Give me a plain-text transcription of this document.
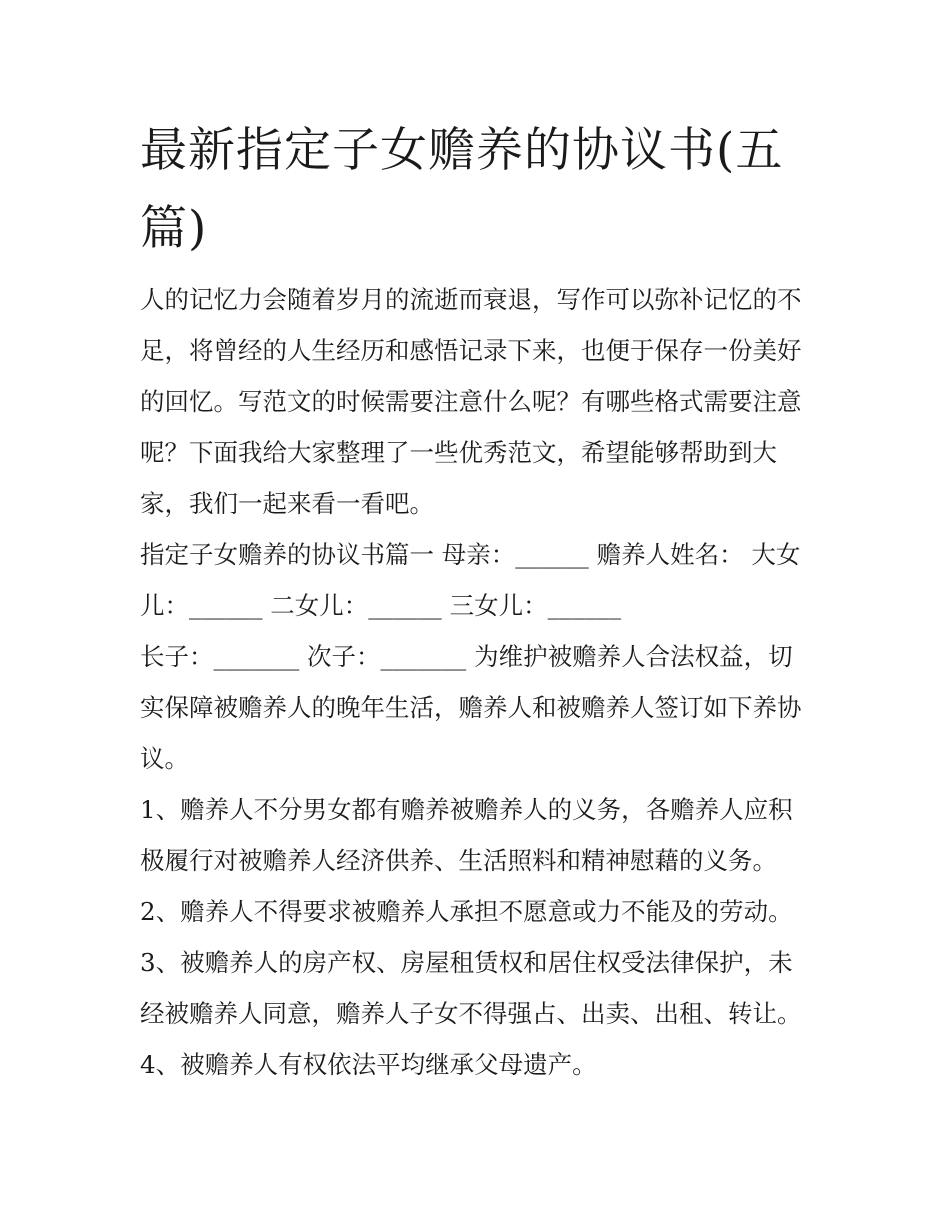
最新指定子女赡养的协议书(五篇)

人的记忆力会随着岁月的流逝而衰退，写作可以弥补记忆的不足，将曾经的人生经历和感悟记录下来，也便于保存一份美好的回忆。写范文的时候需要注意什么呢？有哪些格式需要注意呢？下面我给大家整理了一些优秀范文，希望能够帮助到大家，我们一起来看一看吧。

指定子女赡养的协议书篇一 母亲：______ 赡养人姓名： 大女儿：______ 二女儿：______ 三女儿：______

长子：_______ 次子：_______ 为维护被赡养人合法权益，切实保障被赡养人的晚年生活，赡养人和被赡养人签订如下养协议。

1、赡养人不分男女都有赡养被赡养人的义务，各赡养人应积极履行对被赡养人经济供养、生活照料和精神慰藉的义务。

2、赡养人不得要求被赡养人承担不愿意或力不能及的劳动。

3、被赡养人的房产权、房屋租赁权和居住权受法律保护，未经被赡养人同意，赡养人子女不得强占、出卖、出租、转让。

4、被赡养人有权依法平均继承父母遗产。
